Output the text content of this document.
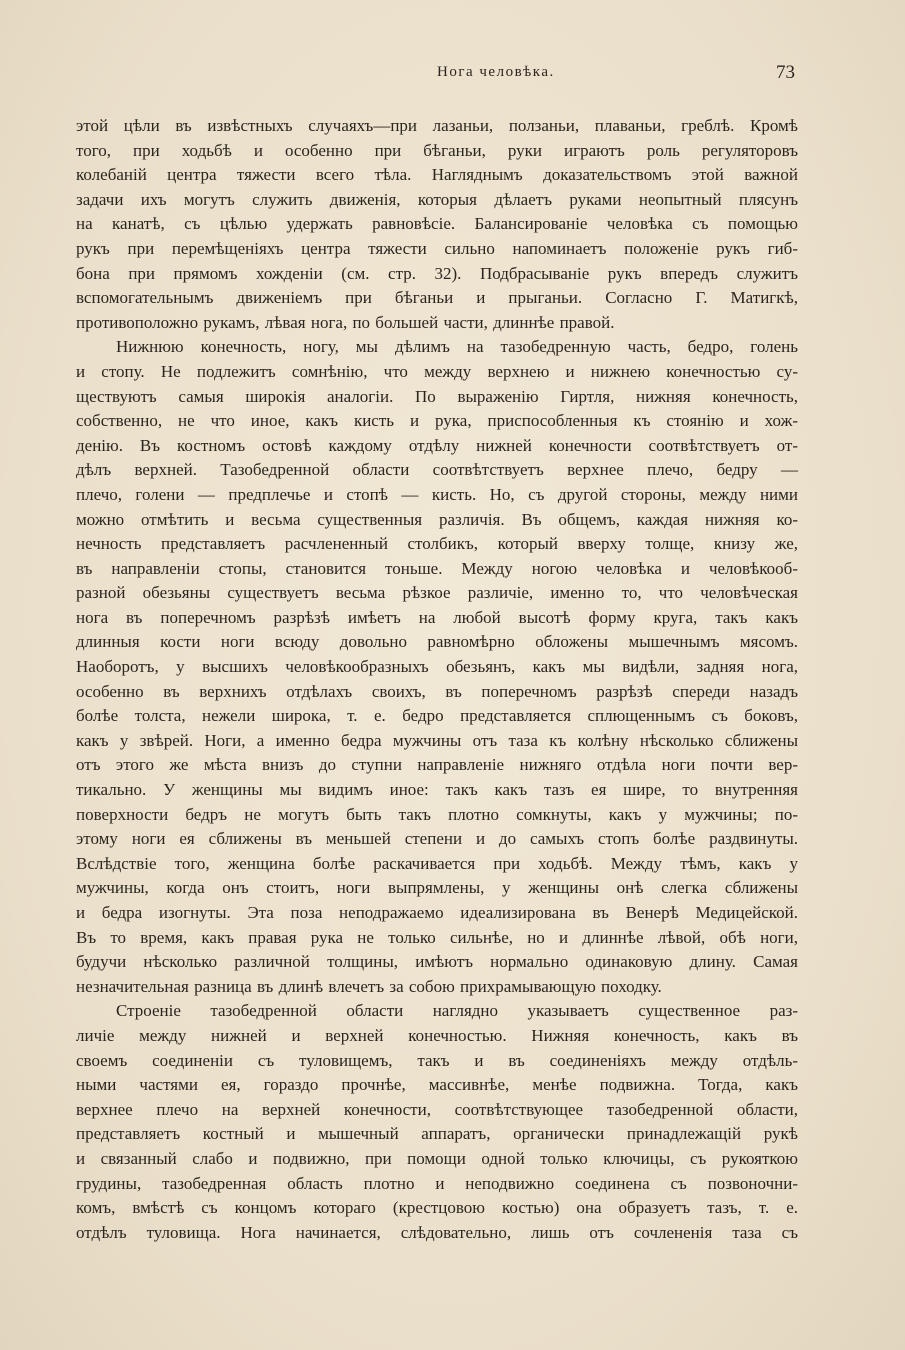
Нога человѣка.	73
этой цѣли въ извѣстныхъ случаяхъ—при лазаньи, ползаньи, плаваньи, греблѣ. Кромѣ
того, при ходьбѣ и особенно при бѣганьи, руки играютъ роль регуляторовъ
колебаній центра тяжести всего тѣла. Нагляднымъ доказательствомъ этой важной
задачи ихъ могутъ служить движенія, которыя дѣлаетъ руками неопытный плясунъ
на канатѣ, съ цѣлью удержать равновѣсіе. Балансированіе человѣка съ помощью
рукъ при перемѣщеніяхъ центра тяжести сильно напоминаетъ положеніе рукъ гиб-
бона при прямомъ хожденіи (см. стр. 32). Подбрасываніе рукъ впередъ служитъ
вспомогательнымъ движеніемъ при бѣганьи и прыганьи. Согласно Г. Матигкѣ,
противоположно рукамъ, лѣвая нога, по большей части, длиннѣе правой.
Нижнюю конечность, ногу, мы дѣлимъ на тазобедренную часть, бедро, голень
и стопу. Не подлежитъ сомнѣнію, что между верхнею и нижнею конечностью су-
ществуютъ самыя широкія аналогіи. По выраженію Гиртля, нижняя конечность,
собственно, не что иное, какъ кисть и рука, приспособленныя къ стоянію и хож-
денію. Въ костномъ остовѣ каждому отдѣлу нижней конечности соотвѣтствуетъ от-
дѣлъ верхней. Тазобедренной области соотвѣтствуетъ верхнее плечо, бедру —
плечо, голени — предплечье и стопѣ — кисть. Но, съ другой стороны, между ними
можно отмѣтить и весьма существенныя различія. Въ общемъ, каждая нижняя ко-
нечность представляетъ расчлененный столбикъ, который вверху толще, книзу же,
въ направленіи стопы, становится тоньше. Между ногою человѣка и человѣкооб-
разной обезьяны существуетъ весьма рѣзкое различіе, именно то, что человѣческая
нога въ поперечномъ разрѣзѣ имѣетъ на любой высотѣ форму круга, такъ какъ
длинныя кости ноги всюду довольно равномѣрно обложены мышечнымъ мясомъ.
Наоборотъ, у высшихъ человѣкообразныхъ обезьянъ, какъ мы видѣли, задняя нога,
особенно въ верхнихъ отдѣлахъ своихъ, въ поперечномъ разрѣзѣ спереди назадъ
болѣе толста, нежели широка, т. е. бедро представляется сплющеннымъ съ боковъ,
какъ у звѣрей. Ноги, а именно бедра мужчины отъ таза къ колѣну нѣсколько сближены
отъ этого же мѣста внизъ до ступни направленіе нижняго отдѣла ноги почти вер-
тикально. У женщины мы видимъ иное: такъ какъ тазъ ея шире, то внутренняя
поверхности бедръ не могутъ быть такъ плотно сомкнуты, какъ у мужчины; по-
этому ноги ея сближены въ меньшей степени и до самыхъ стопъ болѣе раздвинуты.
Вслѣдствіе того, женщина болѣе раскачивается при ходьбѣ. Между тѣмъ, какъ у
мужчины, когда онъ стоитъ, ноги выпрямлены, у женщины онѣ слегка сближены
и бедра изогнуты. Эта поза неподражаемо идеализирована въ Венерѣ Медицейской.
Въ то время, какъ правая рука не только сильнѣе, но и длиннѣе лѣвой, обѣ ноги,
будучи нѣсколько различной толщины, имѣютъ нормально одинаковую длину. Самая
незначительная разница въ длинѣ влечетъ за собою прихрамывающую походку.
Строеніе тазобедренной области наглядно указываетъ существенное раз-
личіе между нижней и верхней конечностью. Нижняя конечность, какъ въ
своемъ соединеніи съ туловищемъ, такъ и въ соединеніяхъ между отдѣль-
ными частями ея, гораздо прочнѣе, массивнѣе, менѣе подвижна. Тогда, какъ
верхнее плечо на верхней конечности, соотвѣтствующее тазобедренной области,
представляетъ костный и мышечный аппаратъ, органически принадлежащій рукѣ
и связанный слабо и подвижно, при помощи одной только ключицы, съ рукояткою
грудины, тазобедренная область плотно и неподвижно соединена съ позвоночни-
комъ, вмѣстѣ съ концомъ котораго (крестцовою костью) она образуетъ тазъ, т. е.
отдѣлъ туловища. Нога начинается, слѣдовательно, лишь отъ сочлененія таза съ
